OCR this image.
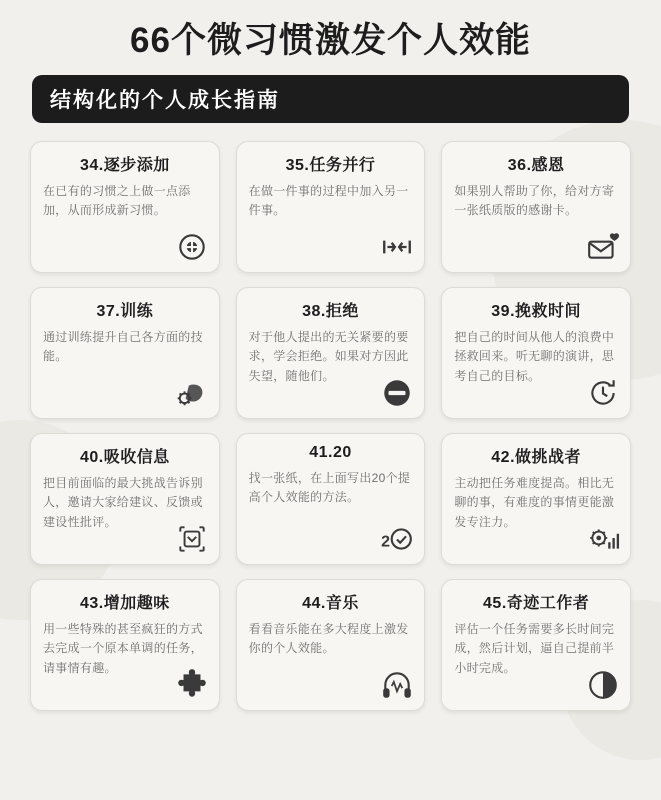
66个微习惯激发个人效能
结构化的个人成长指南
34.逐步添加
在已有的习惯之上做一点添加，从而形成新习惯。
35.任务并行
在做一件事的过程中加入另一件事。
36.感恩
如果别人帮助了你，给对方寄一张纸质版的感谢卡。
37.训练
通过训练提升自己各方面的技能。
38.拒绝
对于他人提出的无关紧要的要求，学会拒绝。如果对方因此失望，随他们。
39.挽救时间
把自己的时间从他人的浪费中拯救回来。听无聊的演讲，思考自己的目标。
40.吸收信息
把目前面临的最大挑战告诉别人，邀请大家给建议、反馈或建设性批评。
41.20
找一张纸，在上面写出20个提高个人效能的方法。
2
42.做挑战者
主动把任务难度提高。相比无聊的事，有难度的事情更能激发专注力。
43.增加趣味
用一些特殊的甚至疯狂的方式去完成一个原本单调的任务，请事情有趣。
44.音乐
看看音乐能在多大程度上激发你的个人效能。
45.奇迹工作者
评估一个任务需要多长时间完成，然后计划，逼自己提前半小时完成。
